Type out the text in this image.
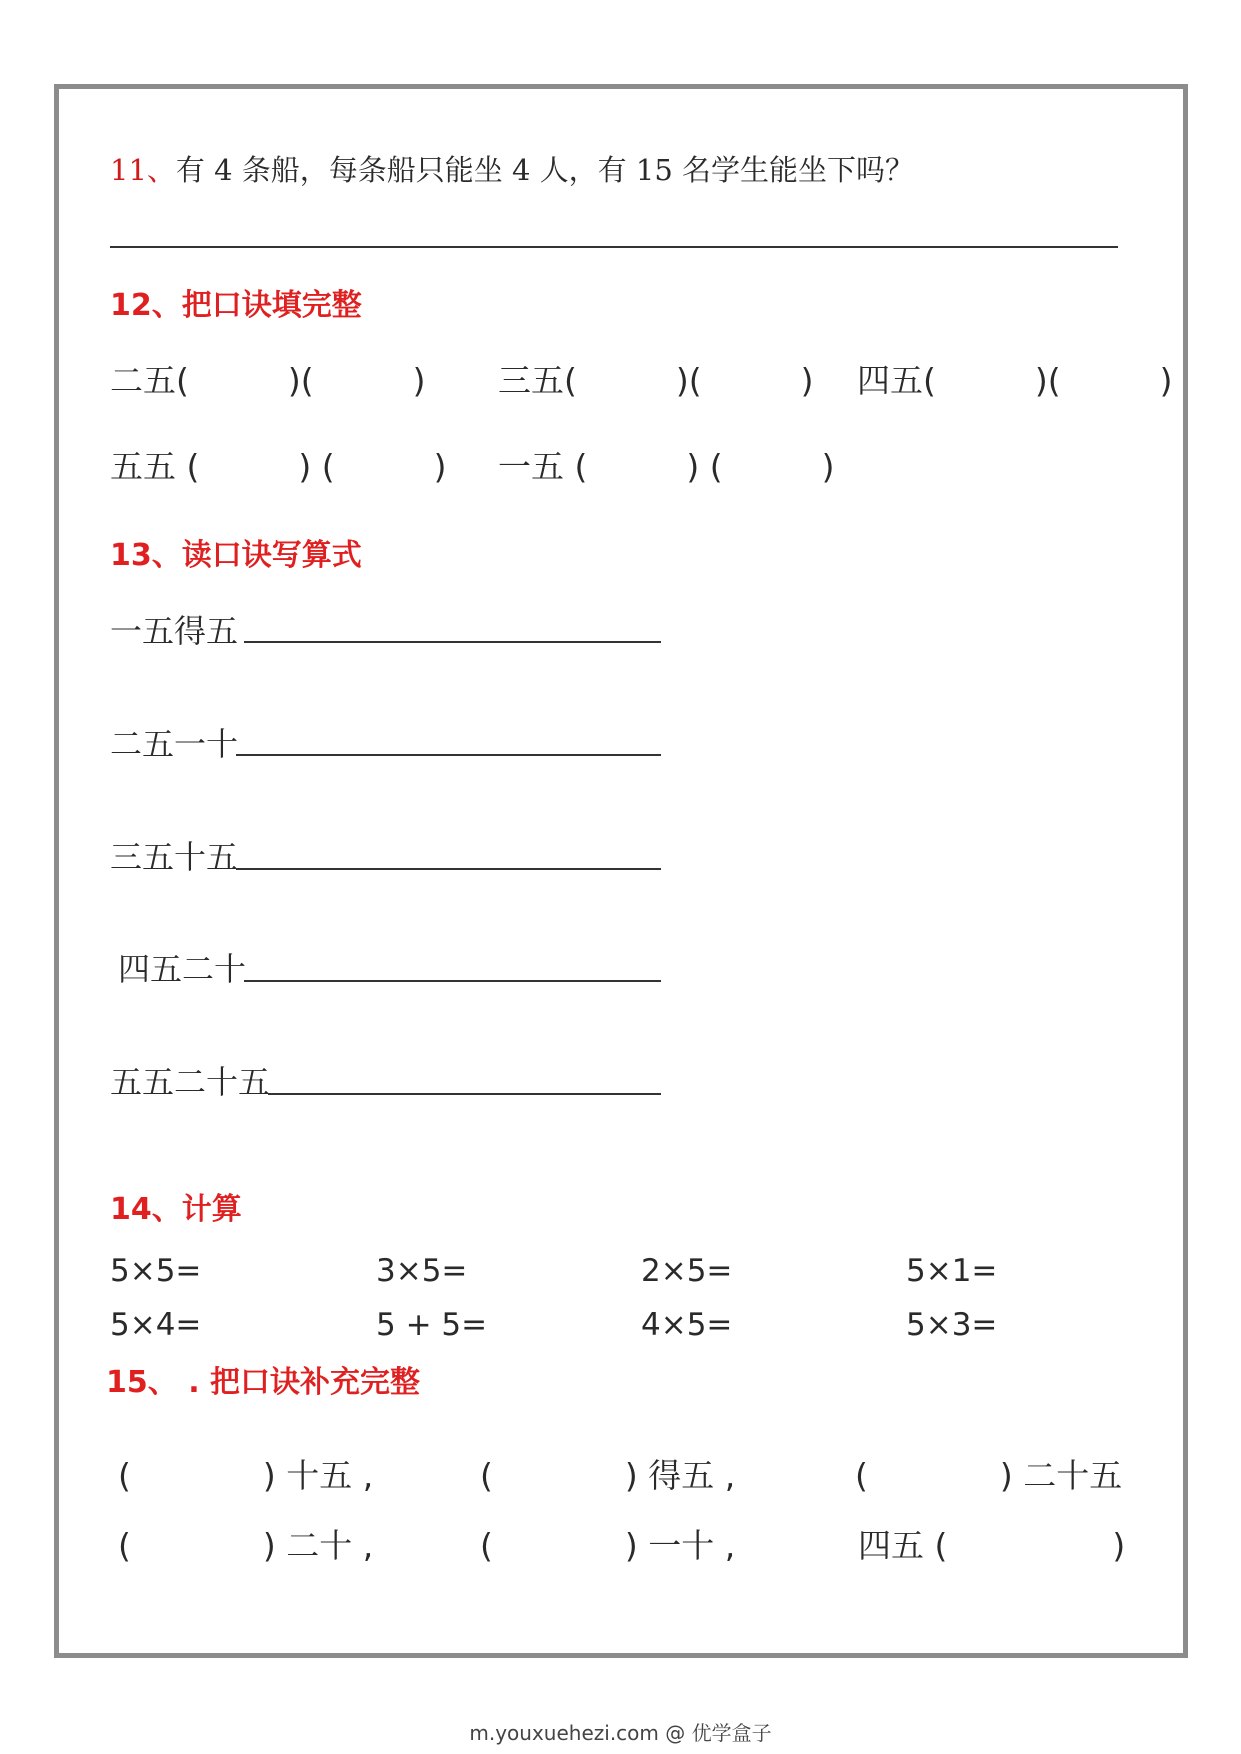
11、有 4 条船，每条船只能坐 4 人，有 15 名学生能坐下吗？
12、把口诀填完整
二五(　　　)(　　　) 三五(　　　)(　　　) 四五(　　　)(　　　)
五五 (　　　) (　　　) 一五 (　　　) (　　　)
13、读口诀写算式
一五得五
二五一十
三五十五
四五二十
五五二十五
14、计算
5×5=	3×5=	2×5=	5×1=
5×4=	5 + 5=	4×5=	5×3=
15、 . 把口诀补充完整
(　　　　) 十五 ,	(　　　　) 得五 ,	(　　　　) 二十五
(　　　　) 二十 ,	(　　　　) 一十 ,	四五 (　　　　　)
m.youxuehezi.com @ 优学盒子
